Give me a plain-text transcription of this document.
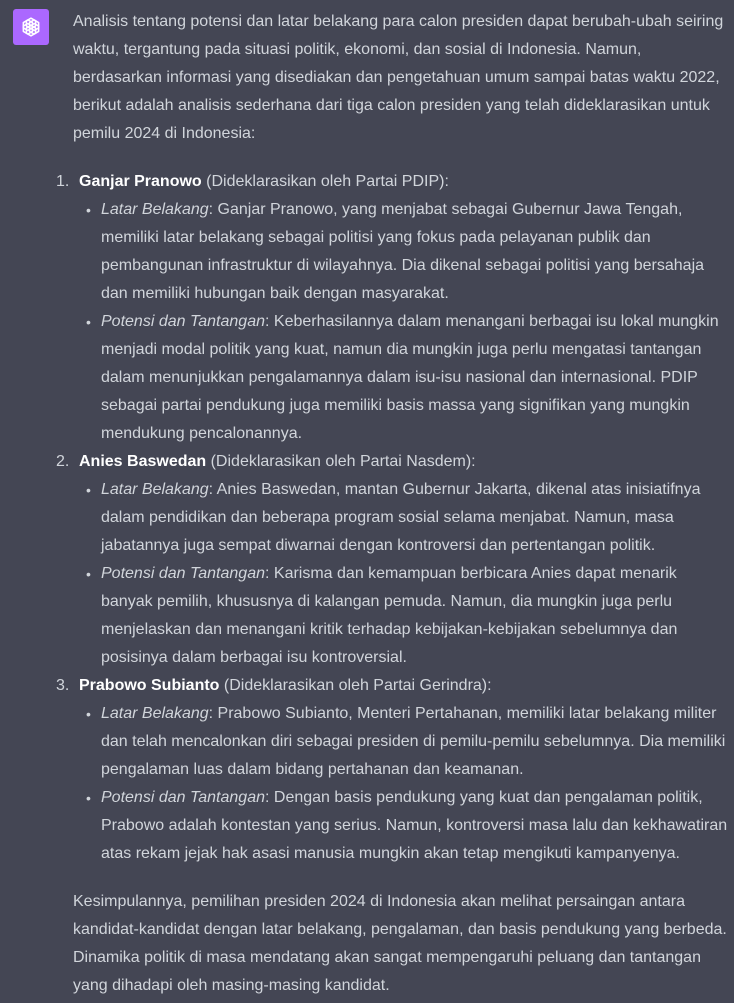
Analisis tentang potensi dan latar belakang para calon presiden dapat berubah-ubah seiring
waktu, tergantung pada situasi politik, ekonomi, dan sosial di Indonesia. Namun,
berdasarkan informasi yang disediakan dan pengetahuan umum sampai batas waktu 2022,
berikut adalah analisis sederhana dari tiga calon presiden yang telah dideklarasikan untuk
pemilu 2024 di Indonesia:

1. Ganjar Pranowo (Dideklarasikan oleh Partai PDIP):
• Latar Belakang: Ganjar Pranowo, yang menjabat sebagai Gubernur Jawa Tengah,
memiliki latar belakang sebagai politisi yang fokus pada pelayanan publik dan
pembangunan infrastruktur di wilayahnya. Dia dikenal sebagai politisi yang bersahaja
dan memiliki hubungan baik dengan masyarakat.
• Potensi dan Tantangan: Keberhasilannya dalam menangani berbagai isu lokal mungkin
menjadi modal politik yang kuat, namun dia mungkin juga perlu mengatasi tantangan
dalam menunjukkan pengalamannya dalam isu-isu nasional dan internasional. PDIP
sebagai partai pendukung juga memiliki basis massa yang signifikan yang mungkin
mendukung pencalonannya.
2. Anies Baswedan (Dideklarasikan oleh Partai Nasdem):
• Latar Belakang: Anies Baswedan, mantan Gubernur Jakarta, dikenal atas inisiatifnya
dalam pendidikan dan beberapa program sosial selama menjabat. Namun, masa
jabatannya juga sempat diwarnai dengan kontroversi dan pertentangan politik.
• Potensi dan Tantangan: Karisma dan kemampuan berbicara Anies dapat menarik
banyak pemilih, khususnya di kalangan pemuda. Namun, dia mungkin juga perlu
menjelaskan dan menangani kritik terhadap kebijakan-kebijakan sebelumnya dan
posisinya dalam berbagai isu kontroversial.
3. Prabowo Subianto (Dideklarasikan oleh Partai Gerindra):
• Latar Belakang: Prabowo Subianto, Menteri Pertahanan, memiliki latar belakang militer
dan telah mencalonkan diri sebagai presiden di pemilu-pemilu sebelumnya. Dia memiliki
pengalaman luas dalam bidang pertahanan dan keamanan.
• Potensi dan Tantangan: Dengan basis pendukung yang kuat dan pengalaman politik,
Prabowo adalah kontestan yang serius. Namun, kontroversi masa lalu dan kekhawatiran
atas rekam jejak hak asasi manusia mungkin akan tetap mengikuti kampanyenya.

Kesimpulannya, pemilihan presiden 2024 di Indonesia akan melihat persaingan antara
kandidat-kandidat dengan latar belakang, pengalaman, dan basis pendukung yang berbeda.
Dinamika politik di masa mendatang akan sangat mempengaruhi peluang dan tantangan
yang dihadapi oleh masing-masing kandidat.
